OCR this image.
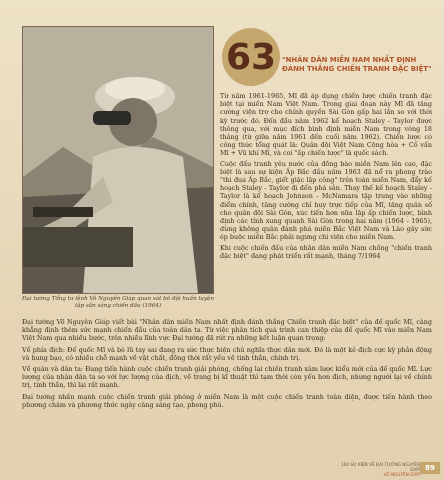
Đại tướng Tổng tư lệnh Võ Nguyên Giáp quan sát bố đội huấn luyện tập sẵn sàng chiến đấu (1964)
63 "NHÂN DÂN MIỀN NAM NHẤT ĐỊNH ĐÁNH THẮNG CHIẾN TRANH ĐẶC BIỆT"

Từ năm 1961-1965, Mĩ đã áp dụng chiến lược chiến tranh đặc biệt tại miền Nam Việt Nam. Trong giai đoạn này Mĩ đã tăng cường viện trợ cho chính quyền Sài Gòn gấp hai lần so với thời kỳ trước đó. Đến đầu năm 1962 kế hoạch Staley - Taylor được thông qua, với mục đích bình định miền Nam trong vòng 18 tháng (từ giữa năm 1961 đến cuối năm 1962). Chiến lược có công thức tổng quát là: Quân đội Việt Nam Cộng hòa + Cố vấn Mĩ + Vũ khí Mĩ, và coi "ấp chiến lược" là quốc sách.

Cuộc đấu tranh yêu nước của đồng bào miền Nam lên cao, đặc biệt là sau sự kiện Ấp Bắc đầu năm 1963 đã nổ ra phong trào "thi đua Ấp Bắc, giết giặc lập công" trên toàn miền Nam, đẩy kế hoạch Staley - Taylor đi đến phá sản. Thay thế kế hoạch Staley - Taylor là kế hoạch Johnson - McNamara tập trung vào những điểm chính, tăng cường chỉ huy trực tiếp của Mĩ, tăng quân số cho quân đội Sài Gòn, xúc tiến hơn nữa lập ấp chiến lược, bình định các tỉnh xung quanh Sài Gòn trong hai năm (1964 - 1965), dùng không quân đánh phá miền Bắc Việt Nam và Lào gây sức ép buộc miền Bắc phải ngừng chi viện cho miền Nam.

Khi cuộc chiến đấu của nhân dân miền Nam chống "chiến tranh đặc biệt" đang phát triển rất mạnh, tháng 7/1964

Đại tướng Võ Nguyên Giáp viết bài "Nhân dân miền Nam nhất định đánh thắng Chiến tranh đặc biệt" của đế quốc Mĩ, càng khẳng định thêm sức mạnh chiến đấu của toàn dân ta. Từ việc phân tích quá trình can thiệp của đế quốc Mĩ vào miền Nam Việt Nam qua nhiều bước, trên nhiều lĩnh vực Đại tướng đã rút ra những kết luận quan trọng:

Về phía địch: Đế quốc Mĩ và bè lũ tay sai đang ra sức thực hiện chủ nghĩa thực dân mới. Đó là một kẻ địch cực kỳ phản động và hung bạo, có nhiều chỗ mạnh về vật chất, đồng thời rất yếu về tinh thần, chính trị.

Về quân và dân ta: Đang tiến hành cuộc chiến tranh giải phóng, chống lại chiến tranh xâm lược kiểu mới của đế quốc Mĩ. Lực lượng của nhân dân ta so với lực lượng của địch, về trang bị kĩ thuật thì tạm thời còn yếu hơn địch, nhưng người lại về chính trị, tinh thần, thì lại rất mạnh.

Đại tướng nhấn mạnh cuộc chiến tranh giải phóng ở miền Nam là một cuộc chiến tranh toàn diện, được tiến hành theo phương châm và phương thức ngày càng sáng tạo, phong phú.

100 SỰ KIỆN VỀ ĐẠI TƯỚNG NGUYÊN GIÁP
VÕ NGUYÊN GIÁP
89
